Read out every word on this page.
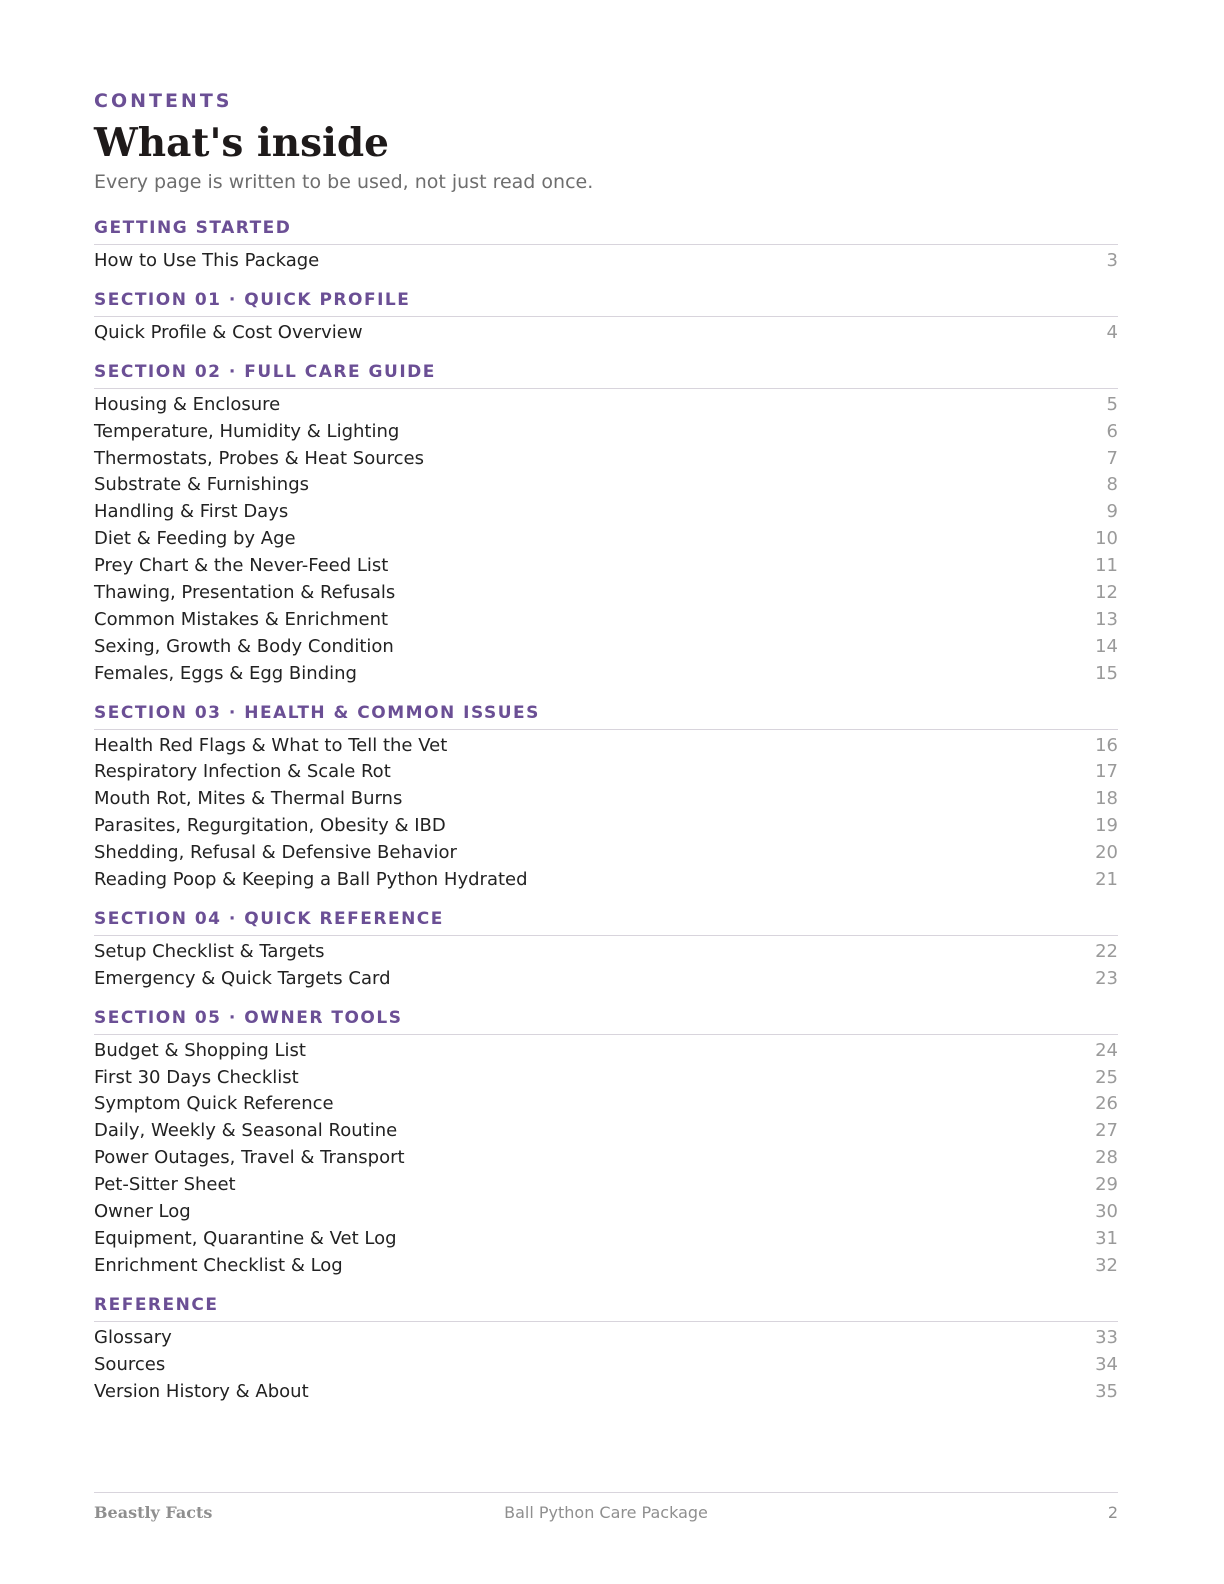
CONTENTS
What's inside
Every page is written to be used, not just read once.
GETTING STARTED
How to Use This Package	3
SECTION 01 · QUICK PROFILE
Quick Profile & Cost Overview	4
SECTION 02 · FULL CARE GUIDE
Housing & Enclosure	5
Temperature, Humidity & Lighting	6
Thermostats, Probes & Heat Sources	7
Substrate & Furnishings	8
Handling & First Days	9
Diet & Feeding by Age	10
Prey Chart & the Never-Feed List	11
Thawing, Presentation & Refusals	12
Common Mistakes & Enrichment	13
Sexing, Growth & Body Condition	14
Females, Eggs & Egg Binding	15
SECTION 03 · HEALTH & COMMON ISSUES
Health Red Flags & What to Tell the Vet	16
Respiratory Infection & Scale Rot	17
Mouth Rot, Mites & Thermal Burns	18
Parasites, Regurgitation, Obesity & IBD	19
Shedding, Refusal & Defensive Behavior	20
Reading Poop & Keeping a Ball Python Hydrated	21
SECTION 04 · QUICK REFERENCE
Setup Checklist & Targets	22
Emergency & Quick Targets Card	23
SECTION 05 · OWNER TOOLS
Budget & Shopping List	24
First 30 Days Checklist	25
Symptom Quick Reference	26
Daily, Weekly & Seasonal Routine	27
Power Outages, Travel & Transport	28
Pet-Sitter Sheet	29
Owner Log	30
Equipment, Quarantine & Vet Log	31
Enrichment Checklist & Log	32
REFERENCE
Glossary	33
Sources	34
Version History & About	35
Beastly Facts	Ball Python Care Package	2
